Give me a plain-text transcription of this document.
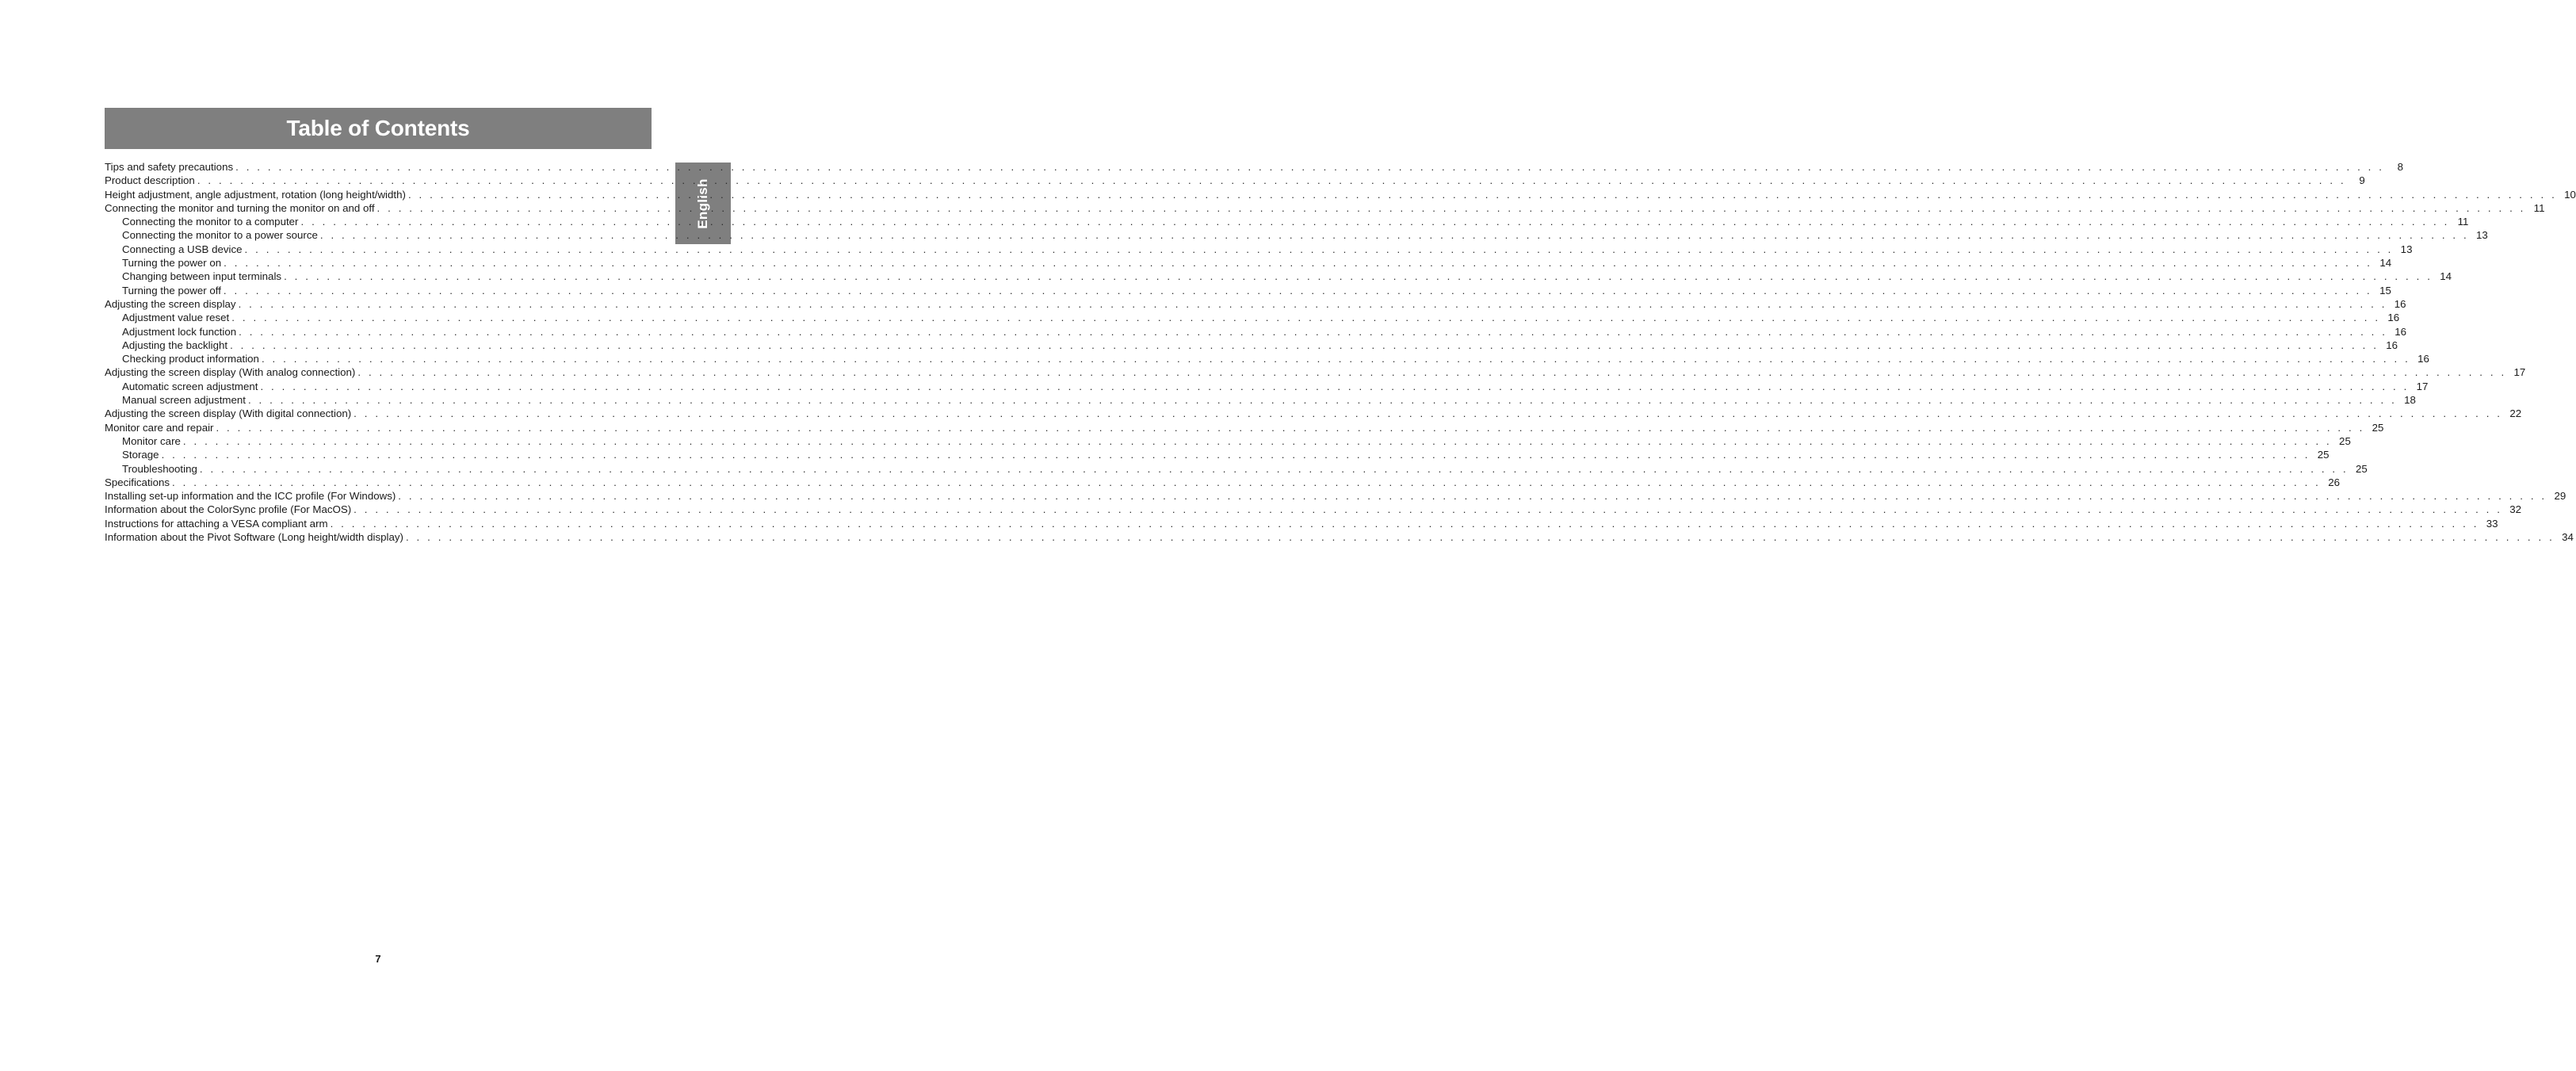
Table of Contents
English
Tips and safety precautions . . . . . . . . . . . . . . . . . . . . . . . . . . . . . . . . . . . . . . . . . . . . . . . . . . . . . . . . . . . . . . . . . . . . . . . . . . . . . . . . . . . . . . . . . . . . . . . . . . . . . . . . . . . . . . . . . . . . . . . . . . . . . . . . . . . . . . . . . . . . . . . . . . . . . . . . . . . . . . . . . . . . . . . . . . . . . . . . . . . . . . . . . . . . . . . . . . . . . . . .	8
Product description . . . . . . . . . . . . . . . . . . . . . . . . . . . . . . . . . . . . . . . . . . . . . . . . . . . . . . . . . . . . . . . . . . . . . . . . . . . . . . . . . . . . . . . . . . . . . . . . . . . . . . . . . . . . . . . . . . . . . . . . . . . . . . . . . . . . . . . . . . . . . . . . . . . . . . . . . . . . . . . . . . . . . . . . . . . . . . . . . . . . . . . . . . . . . . . . . . . . . . . .	9
Height adjustment, angle adjustment, rotation (long height/width) . . . . . . . . . . . . . . . . . . . . . . . . . . . . . . . . . . . . . . . . . . . . . . . . . . . . . . . . . . . . . . . . . . . . . . . . . . . . . . . . . . . . . . . . . . . . . . . . . . . . . . . . . . . . . . . . . . . . . . . . . . . . . . . . . . . . . . . . . . . . . . . . . . . . . . . . . . . . . . . . . . . . . . . . . . . . . . . . . . . . . . . . . . . . . . . . . . . . . . . . 10
Connecting the monitor and turning the monitor on and off . . . . . . . . . . . . . . . . . . . . . . . . . . . . . . . . . . . . . . . . . . . . . . . . . . . . . . . . . . . . . . . . . . . . . . . . . . . . . . . . . . . . . . . . . . . . . . . . . . . . . . . . . . . . . . . . . . . . . . . . . . . . . . . . . . . . . . . . . . . . . . . . . . . . . . . . . . . . . . . . . . . . . . . . . . . . . . . . . . . . . . . . . . . . . . . . . . . . . . . . 11
Connecting the monitor to a computer . . . . . . . . . . . . . . . . . . . . . . . . . . . . . . . . . . . . . . . . . . . . . . . . . . . . . . . . . . . . . . . . . . . . . . . . . . . . . . . . . . . . . . . . . . . . . . . . . . . . . . . . . . . . . . . . . . . . . . . . . . . . . . . . . . . . . . . . . . . . . . . . . . . . . . . . . . . . . . . . . . . . . . . . . . . . . . . . . . . . . . . . . . . . . . . . . . . . . . . . 11
Connecting the monitor to a power source . . . . . . . . . . . . . . . . . . . . . . . . . . . . . . . . . . . . . . . . . . . . . . . . . . . . . . . . . . . . . . . . . . . . . . . . . . . . . . . . . . . . . . . . . . . . . . . . . . . . . . . . . . . . . . . . . . . . . . . . . . . . . . . . . . . . . . . . . . . . . . . . . . . . . . . . . . . . . . . . . . . . . . . . . . . . . . . . . . . . . . . . . . . . . . . . . . . . . . . . 13
Connecting a USB device . . . . . . . . . . . . . . . . . . . . . . . . . . . . . . . . . . . . . . . . . . . . . . . . . . . . . . . . . . . . . . . . . . . . . . . . . . . . . . . . . . . . . . . . . . . . . . . . . . . . . . . . . . . . . . . . . . . . . . . . . . . . . . . . . . . . . . . . . . . . . . . . . . . . . . . . . . . . . . . . . . . . . . . . . . . . . . . . . . . . . . . . . . . . . . . . . . . . . . . . 13
Turning the power on . . . . . . . . . . . . . . . . . . . . . . . . . . . . . . . . . . . . . . . . . . . . . . . . . . . . . . . . . . . . . . . . . . . . . . . . . . . . . . . . . . . . . . . . . . . . . . . . . . . . . . . . . . . . . . . . . . . . . . . . . . . . . . . . . . . . . . . . . . . . . . . . . . . . . . . . . . . . . . . . . . . . . . . . . . . . . . . . . . . . . . . . . . . . . . . . . . . . . . . . 14
Changing between input terminals . . . . . . . . . . . . . . . . . . . . . . . . . . . . . . . . . . . . . . . . . . . . . . . . . . . . . . . . . . . . . . . . . . . . . . . . . . . . . . . . . . . . . . . . . . . . . . . . . . . . . . . . . . . . . . . . . . . . . . . . . . . . . . . . . . . . . . . . . . . . . . . . . . . . . . . . . . . . . . . . . . . . . . . . . . . . . . . . . . . . . . . . . . . . . . . . . . . . . . . . 14
Turning the power off . . . . . . . . . . . . . . . . . . . . . . . . . . . . . . . . . . . . . . . . . . . . . . . . . . . . . . . . . . . . . . . . . . . . . . . . . . . . . . . . . . . . . . . . . . . . . . . . . . . . . . . . . . . . . . . . . . . . . . . . . . . . . . . . . . . . . . . . . . . . . . . . . . . . . . . . . . . . . . . . . . . . . . . . . . . . . . . . . . . . . . . . . . . . . . . . . . . . . . . . 15
Adjusting the screen display . . . . . . . . . . . . . . . . . . . . . . . . . . . . . . . . . . . . . . . . . . . . . . . . . . . . . . . . . . . . . . . . . . . . . . . . . . . . . . . . . . . . . . . . . . . . . . . . . . . . . . . . . . . . . . . . . . . . . . . . . . . . . . . . . . . . . . . . . . . . . . . . . . . . . . . . . . . . . . . . . . . . . . . . . . . . . . . . . . . . . . . . . . . . . . . . . . . . . . . . 16
Adjustment value reset . . . . . . . . . . . . . . . . . . . . . . . . . . . . . . . . . . . . . . . . . . . . . . . . . . . . . . . . . . . . . . . . . . . . . . . . . . . . . . . . . . . . . . . . . . . . . . . . . . . . . . . . . . . . . . . . . . . . . . . . . . . . . . . . . . . . . . . . . . . . . . . . . . . . . . . . . . . . . . . . . . . . . . . . . . . . . . . . . . . . . . . . . . . . . . . . . . . . . . . . 16
Adjustment lock function . . . . . . . . . . . . . . . . . . . . . . . . . . . . . . . . . . . . . . . . . . . . . . . . . . . . . . . . . . . . . . . . . . . . . . . . . . . . . . . . . . . . . . . . . . . . . . . . . . . . . . . . . . . . . . . . . . . . . . . . . . . . . . . . . . . . . . . . . . . . . . . . . . . . . . . . . . . . . . . . . . . . . . . . . . . . . . . . . . . . . . . . . . . . . . . . . . . . . . . . 16
Adjusting the backlight . . . . . . . . . . . . . . . . . . . . . . . . . . . . . . . . . . . . . . . . . . . . . . . . . . . . . . . . . . . . . . . . . . . . . . . . . . . . . . . . . . . . . . . . . . . . . . . . . . . . . . . . . . . . . . . . . . . . . . . . . . . . . . . . . . . . . . . . . . . . . . . . . . . . . . . . . . . . . . . . . . . . . . . . . . . . . . . . . . . . . . . . . . . . . . . . . . . . . . . . 16
Checking product information . . . . . . . . . . . . . . . . . . . . . . . . . . . . . . . . . . . . . . . . . . . . . . . . . . . . . . . . . . . . . . . . . . . . . . . . . . . . . . . . . . . . . . . . . . . . . . . . . . . . . . . . . . . . . . . . . . . . . . . . . . . . . . . . . . . . . . . . . . . . . . . . . . . . . . . . . . . . . . . . . . . . . . . . . . . . . . . . . . . . . . . . . . . . . . . . . . . . . . . . 16
Adjusting the screen display (With analog connection) . . . . . . . . . . . . . . . . . . . . . . . . . . . . . . . . . . . . . . . . . . . . . . . . . . . . . . . . . . . . . . . . . . . . . . . . . . . . . . . . . . . . . . . . . . . . . . . . . . . . . . . . . . . . . . . . . . . . . . . . . . . . . . . . . . . . . . . . . . . . . . . . . . . . . . . . . . . . . . . . . . . . . . . . . . . . . . . . . . . . . . . . . . . . . . . . . . . . . . . . 17
Automatic screen adjustment . . . . . . . . . . . . . . . . . . . . . . . . . . . . . . . . . . . . . . . . . . . . . . . . . . . . . . . . . . . . . . . . . . . . . . . . . . . . . . . . . . . . . . . . . . . . . . . . . . . . . . . . . . . . . . . . . . . . . . . . . . . . . . . . . . . . . . . . . . . . . . . . . . . . . . . . . . . . . . . . . . . . . . . . . . . . . . . . . . . . . . . . . . . . . . . . . . . . . . . . 17
Manual screen adjustment . . . . . . . . . . . . . . . . . . . . . . . . . . . . . . . . . . . . . . . . . . . . . . . . . . . . . . . . . . . . . . . . . . . . . . . . . . . . . . . . . . . . . . . . . . . . . . . . . . . . . . . . . . . . . . . . . . . . . . . . . . . . . . . . . . . . . . . . . . . . . . . . . . . . . . . . . . . . . . . . . . . . . . . . . . . . . . . . . . . . . . . . . . . . . . . . . . . . . . . . 18
Adjusting the screen display (With digital connection) . . . . . . . . . . . . . . . . . . . . . . . . . . . . . . . . . . . . . . . . . . . . . . . . . . . . . . . . . . . . . . . . . . . . . . . . . . . . . . . . . . . . . . . . . . . . . . . . . . . . . . . . . . . . . . . . . . . . . . . . . . . . . . . . . . . . . . . . . . . . . . . . . . . . . . . . . . . . . . . . . . . . . . . . . . . . . . . . . . . . . . . . . . . . . . . . . . . . . . . . 22
Monitor care and repair . . . . . . . . . . . . . . . . . . . . . . . . . . . . . . . . . . . . . . . . . . . . . . . . . . . . . . . . . . . . . . . . . . . . . . . . . . . . . . . . . . . . . . . . . . . . . . . . . . . . . . . . . . . . . . . . . . . . . . . . . . . . . . . . . . . . . . . . . . . . . . . . . . . . . . . . . . . . . . . . . . . . . . . . . . . . . . . . . . . . . . . . . . . . . . . . . . . . . . . . 25
Monitor care . . . . . . . . . . . . . . . . . . . . . . . . . . . . . . . . . . . . . . . . . . . . . . . . . . . . . . . . . . . . . . . . . . . . . . . . . . . . . . . . . . . . . . . . . . . . . . . . . . . . . . . . . . . . . . . . . . . . . . . . . . . . . . . . . . . . . . . . . . . . . . . . . . . . . . . . . . . . . . . . . . . . . . . . . . . . . . . . . . . . . . . . . . . . . . . . . . . . . . . . 25
Storage . . . . . . . . . . . . . . . . . . . . . . . . . . . . . . . . . . . . . . . . . . . . . . . . . . . . . . . . . . . . . . . . . . . . . . . . . . . . . . . . . . . . . . . . . . . . . . . . . . . . . . . . . . . . . . . . . . . . . . . . . . . . . . . . . . . . . . . . . . . . . . . . . . . . . . . . . . . . . . . . . . . . . . . . . . . . . . . . . . . . . . . . . . . . . . . . . . . . . . . . 25
Troubleshooting . . . . . . . . . . . . . . . . . . . . . . . . . . . . . . . . . . . . . . . . . . . . . . . . . . . . . . . . . . . . . . . . . . . . . . . . . . . . . . . . . . . . . . . . . . . . . . . . . . . . . . . . . . . . . . . . . . . . . . . . . . . . . . . . . . . . . . . . . . . . . . . . . . . . . . . . . . . . . . . . . . . . . . . . . . . . . . . . . . . . . . . . . . . . . . . . . . . . . . . . 25
Specifications . . . . . . . . . . . . . . . . . . . . . . . . . . . . . . . . . . . . . . . . . . . . . . . . . . . . . . . . . . . . . . . . . . . . . . . . . . . . . . . . . . . . . . . . . . . . . . . . . . . . . . . . . . . . . . . . . . . . . . . . . . . . . . . . . . . . . . . . . . . . . . . . . . . . . . . . . . . . . . . . . . . . . . . . . . . . . . . . . . . . . . . . . . . . . . . . . . . . . . . . 26
Installing set-up information and the ICC profile (For Windows) . . . . . . . . . . . . . . . . . . . . . . . . . . . . . . . . . . . . . . . . . . . . . . . . . . . . . . . . . . . . . . . . . . . . . . . . . . . . . . . . . . . . . . . . . . . . . . . . . . . . . . . . . . . . . . . . . . . . . . . . . . . . . . . . . . . . . . . . . . . . . . . . . . . . . . . . . . . . . . . . . . . . . . . . . . . . . . . . . . . . . . . . . . . . . . . . . . . . . . . . 29
Information about the ColorSync profile (For MacOS) . . . . . . . . . . . . . . . . . . . . . . . . . . . . . . . . . . . . . . . . . . . . . . . . . . . . . . . . . . . . . . . . . . . . . . . . . . . . . . . . . . . . . . . . . . . . . . . . . . . . . . . . . . . . . . . . . . . . . . . . . . . . . . . . . . . . . . . . . . . . . . . . . . . . . . . . . . . . . . . . . . . . . . . . . . . . . . . . . . . . . . . . . . . . . . . . . . . . . . . . 32
Instructions for attaching a VESA compliant arm . . . . . . . . . . . . . . . . . . . . . . . . . . . . . . . . . . . . . . . . . . . . . . . . . . . . . . . . . . . . . . . . . . . . . . . . . . . . . . . . . . . . . . . . . . . . . . . . . . . . . . . . . . . . . . . . . . . . . . . . . . . . . . . . . . . . . . . . . . . . . . . . . . . . . . . . . . . . . . . . . . . . . . . . . . . . . . . . . . . . . . . . . . . . . . . . . . . . . . . . 33
Information about the Pivot Software (Long height/width display) . . . . . . . . . . . . . . . . . . . . . . . . . . . . . . . . . . . . . . . . . . . . . . . . . . . . . . . . . . . . . . . . . . . . . . . . . . . . . . . . . . . . . . . . . . . . . . . . . . . . . . . . . . . . . . . . . . . . . . . . . . . . . . . . . . . . . . . . . . . . . . . . . . . . . . . . . . . . . . . . . . . . . . . . . . . . . . . . . . . . . . . . . . . . . . . . . . . . . . . . 34
7
